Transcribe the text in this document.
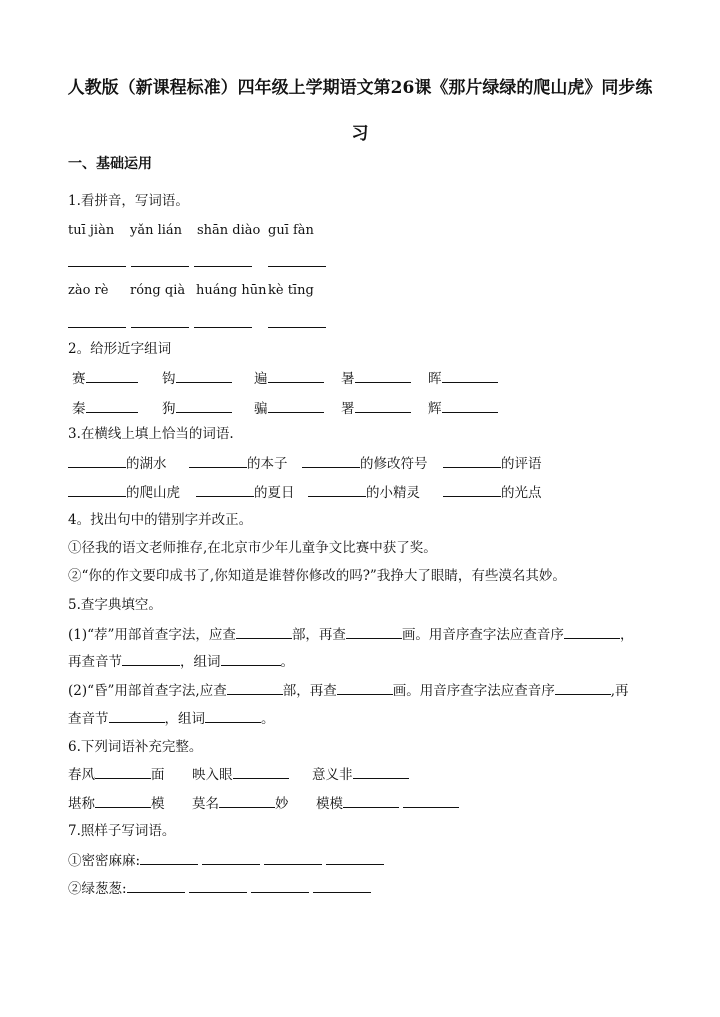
人教版（新课程标准）四年级上学期语文第26课《那片绿绿的爬山虎》同步练
习
一、基础运用
1.看拼音，写词语。
tuī jiàn yǎn lián shān diào guī fàn
zào rè róng qià huáng hūn kè tīng
2。给形近字组词
赛	钩	遍	暑	晖
秦	狗	骗	署	辉
3.在横线上填上恰当的词语.
的湖水	的本子	的修改符号	的评语
的爬山虎	的夏日	的小精灵	的光点
4。找出句中的错别字并改正。
①径我的语文老师推存,在北京市少年儿童争文比赛中获了奖。
②“你的作文要印成书了,你知道是谁替你修改的吗?”我挣大了眼睛，有些漠名其妙。
5.查字典填空。
(1)“荐”用部首查字法，应查	部，再查	画。用音序查字法应查音序	，
再查音节	，组词	。
(2)“昏”用部首查字法,应查	部，再查	画。用音序查字法应查音序	,再
查音节	，组词	。
6.下列词语补充完整。
春风	面 映入眼	意义非
堪称	模 莫名	妙 模模
7.照样子写词语。
①密密麻麻:
②绿葱葱:
